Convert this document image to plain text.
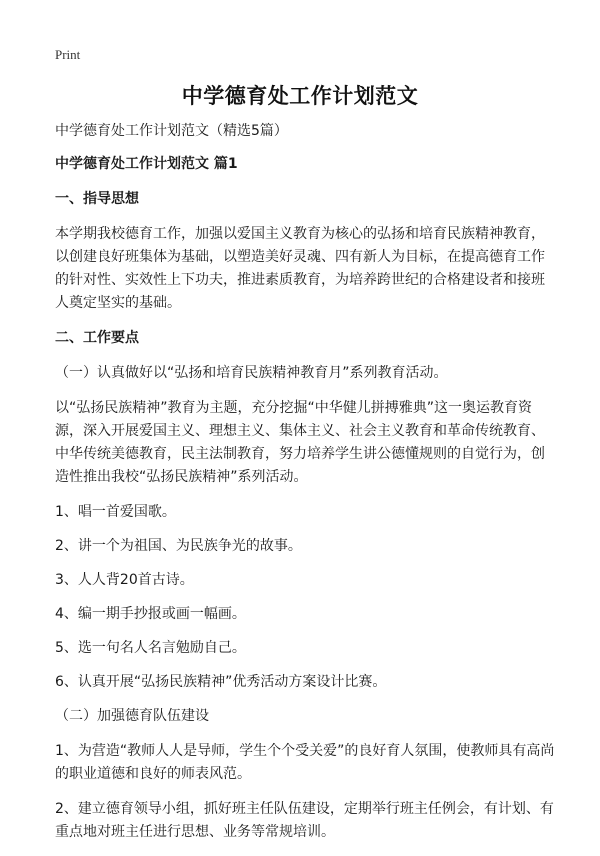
Print
中学德育处工作计划范文

中学德育处工作计划范文（精选5篇）

中学德育处工作计划范文 篇1

一、指导思想

本学期我校德育工作，加强以爱国主义教育为核心的弘扬和培育民族精神教育，以创建良好班集体为基础，以塑造美好灵魂、四有新人为目标，在提高德育工作的针对性、实效性上下功夫，推进素质教育，为培养跨世纪的合格建设者和接班人奠定坚实的基础。

二、工作要点

（一）认真做好以“弘扬和培育民族精神教育月”系列教育活动。

以“弘扬民族精神”教育为主题，充分挖掘“中华健儿拼搏雅典”这一奥运教育资源，深入开展爱国主义、理想主义、集体主义、社会主义教育和革命传统教育、中华传统美德教育，民主法制教育，努力培养学生讲公德懂规则的自觉行为，创造性推出我校“弘扬民族精神”系列活动。

1、唱一首爱国歌。

2、讲一个为祖国、为民族争光的故事。

3、人人背20首古诗。

4、编一期手抄报或画一幅画。

5、选一句名人名言勉励自己。

6、认真开展“弘扬民族精神”优秀活动方案设计比赛。

（二）加强德育队伍建设

1、为营造“教师人人是导师，学生个个受关爱”的良好育人氛围，使教师具有高尚的职业道德和良好的师表风范。

2、建立德育领导小组，抓好班主任队伍建设，定期举行班主任例会，有计划、有重点地对班主任进行思想、业务等常规培训。
